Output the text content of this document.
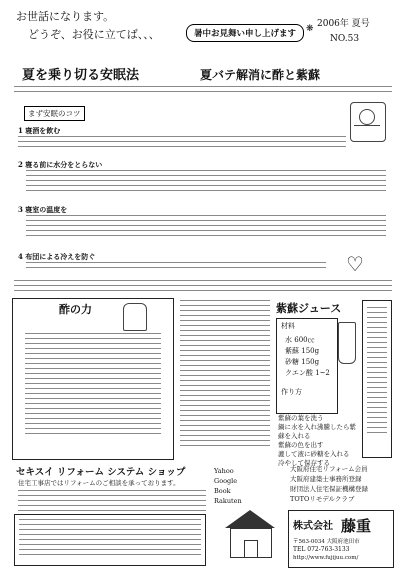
お世話になります。
どうぞ、お役に立てば、、、	暑中お見舞い申し上げます
2006年 夏号
NO.53
❋
夏を乗り切る安眠法	夏バテ解消に酢と紫蘇
まず安眠のコツ
1 寝酒を飲む
2 寝る前に水分をとらない
3 寝室の温度を
4 布団による冷えを防ぐ	♡
酢の力	紫蘇ジュース
材料
水 600㏄
紫蘇 150g
砂糖 150g
クエン酸 1~2
作り方
紫蘇の葉を洗う
鍋に水を入れ沸騰したら紫蘇を入れる
紫蘇の色を出す
漉して液に砂糖を入れる
冷やして保存する
セキスイ リフォーム システム ショップ
住宅工事店ではリフォームのご相談を承っております。
Yahoo
Google
Book
Rakuten
大阪府住宅リフォーム会員
大阪府建築士事務所登録
財団法人住宅保証機構登録
TOTOリモデルクラブ
株式会社 藤重
〒563-0034 大阪府池田市
TEL 072-763-3133
http://www.fujijuu.com/
